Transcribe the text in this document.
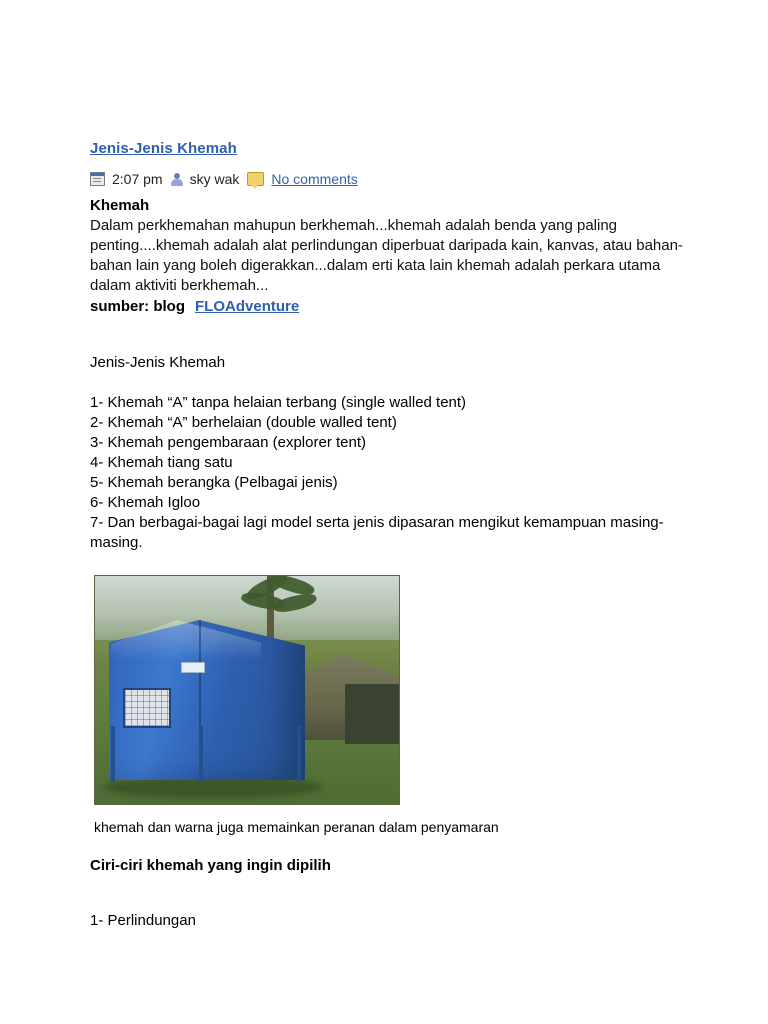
Jenis-Jenis Khemah
2:07 pm sky wak No comments
Khemah

Dalam perkhemahan mahupun berkhemah...khemah adalah benda yang paling penting....khemah adalah alat perlindungan diperbuat daripada kain, kanvas, atau bahan-bahan lain yang boleh digerakkan...dalam erti kata lain khemah adalah perkara utama dalam aktiviti berkhemah...

sumber: blog FLOAdventure

Jenis-Jenis Khemah

1- Khemah “A” tanpa helaian terbang (single walled tent)
2- Khemah “A” berhelaian (double walled tent)
3- Khemah pengembaraan (explorer tent)
4- Khemah tiang satu
5- Khemah berangka (Pelbagai jenis)
6- Khemah Igloo
7- Dan berbagai-bagai lagi model serta jenis dipasaran mengikut kemampuan masing-masing.

khemah dan warna juga memainkan peranan dalam penyamaran

Ciri-ciri khemah yang ingin dipilih

1- Perlindungan
